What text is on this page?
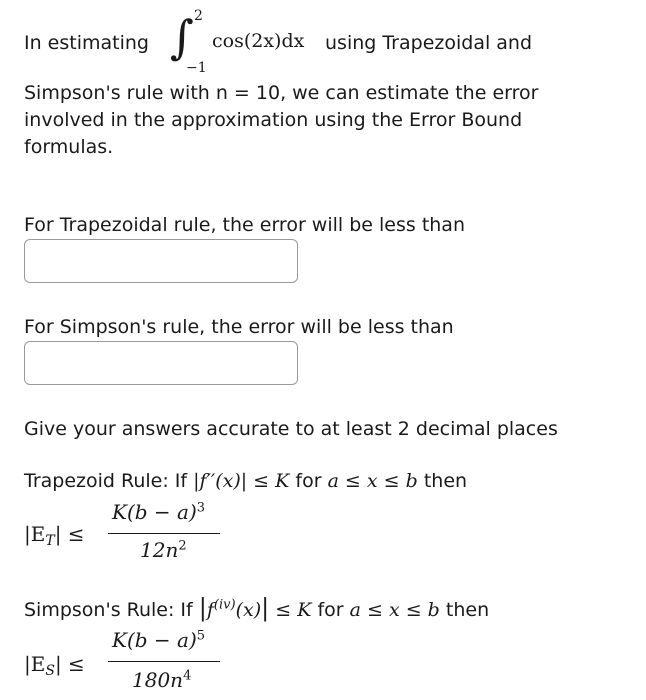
In estimating ∫ 2
−1
cos(2x)dx using Trapezoidal and
Simpson's rule with n = 10, we can estimate the error
involved in the approximation using the Error Bound
formulas.
For Trapezoidal rule, the error will be less than
For Simpson's rule, the error will be less than
Give your answers accurate to at least 2 decimal places
Trapezoid Rule: If |f′′(x)| ≤ K for a ≤ x ≤ b then
$|E_T|$ ≤
$K(b - a)^3$
$12n^2$
Simpson's Rule: If $|f^{(iv)}(x)| \le K$ for a ≤ x ≤ b then
$|E_S|$ ≤
$K(b - a)^5$
$180n^4$
